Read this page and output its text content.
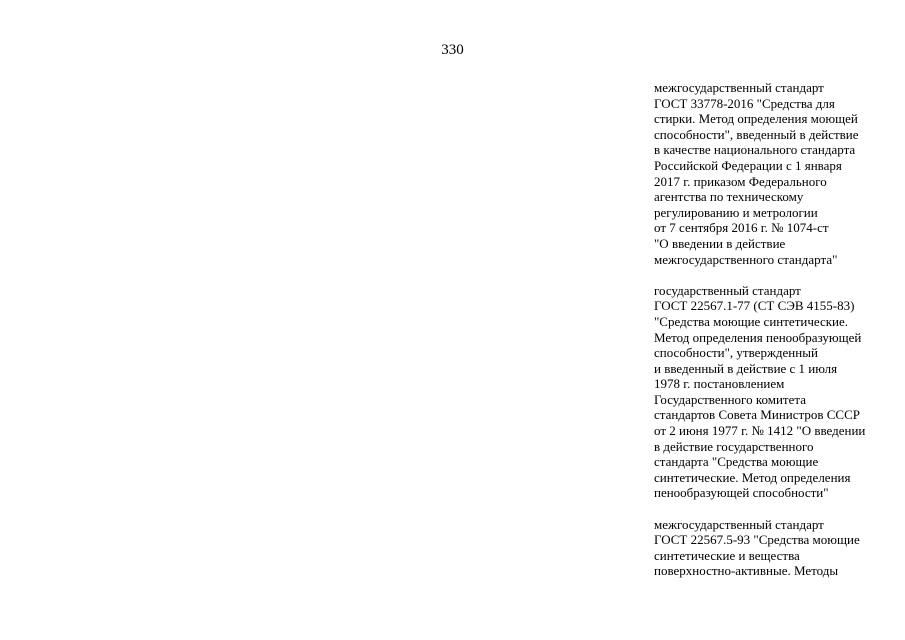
330
межгосударственный стандарт
ГОСТ 33778-2016 "Средства для
стирки. Метод определения моющей
способности", введенный в действие
в качестве национального стандарта
Российской Федерации с 1 января
2017 г. приказом Федерального
агентства по техническому
регулированию и метрологии
от 7 сентября 2016 г. № 1074-ст
"О введении в действие
межгосударственного стандарта"
государственный стандарт
ГОСТ 22567.1-77 (СТ СЭВ 4155-83)
"Средства моющие синтетические.
Метод определения пенообразующей
способности", утвержденный
и введенный в действие с 1 июля
1978 г. постановлением
Государственного комитета
стандартов Совета Министров СССР
от 2 июня 1977 г. № 1412 "О введении
в действие государственного
стандарта "Средства моющие
синтетические. Метод определения
пенообразующей способности"
межгосударственный стандарт
ГОСТ 22567.5-93 "Средства моющие
синтетические и вещества
поверхностно-активные. Методы
